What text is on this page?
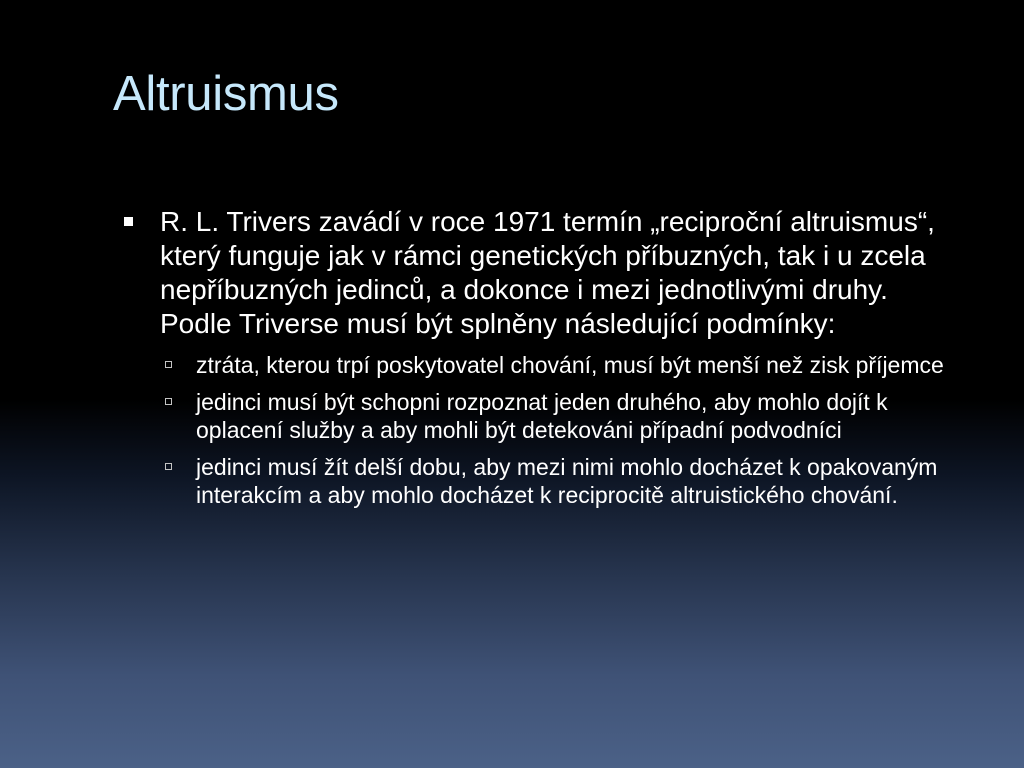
Altruismus
R. L. Trivers zavádí v roce 1971 termín „reciproční altruismus“, který funguje jak v rámci genetických příbuzných, tak i u zcela nepříbuzných jedinců, a dokonce i mezi jednotlivými druhy. Podle Triverse musí být splněny následující podmínky:
ztráta, kterou trpí poskytovatel chování, musí být menší než zisk příjemce
jedinci musí být schopni rozpoznat jeden druhého, aby mohlo dojít k oplacení služby a aby mohli být detekováni případní podvodníci
jedinci musí žít delší dobu, aby mezi nimi mohlo docházet k opakovaným interakcím a aby mohlo docházet k reciprocitě altruistického chování.
